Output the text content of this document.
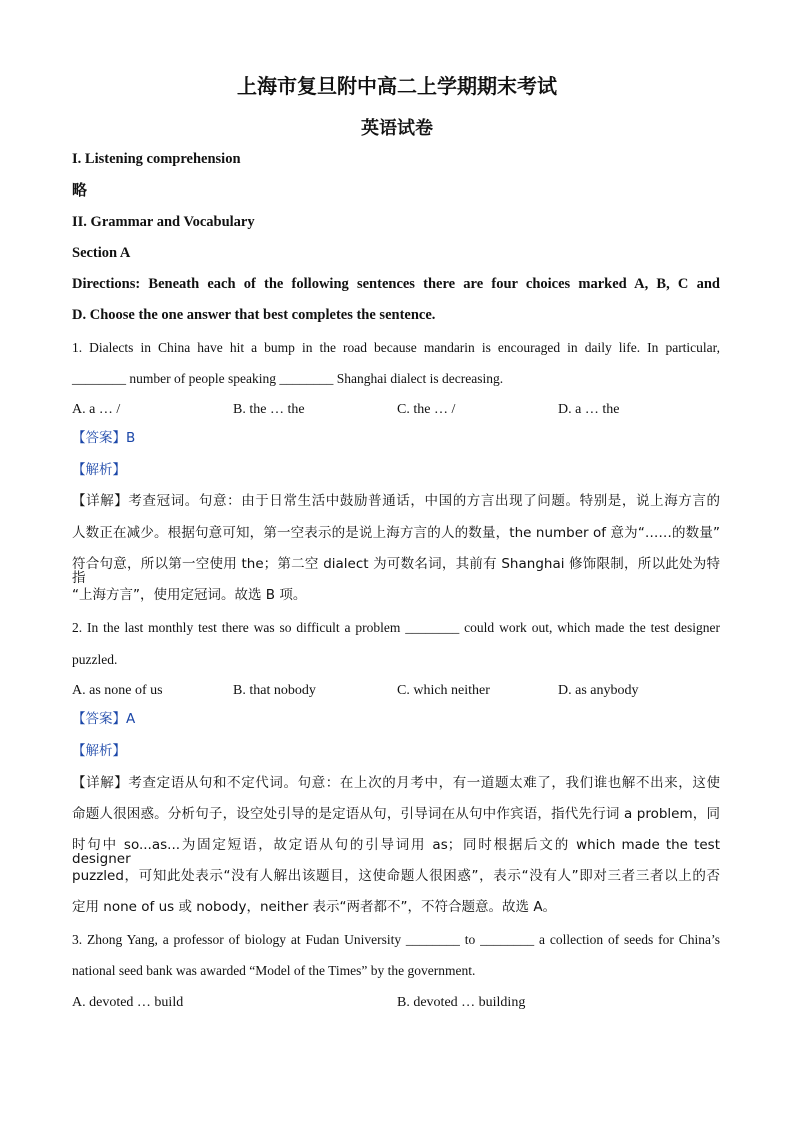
上海市复旦附中高二上学期期末考试
英语试卷
I. Listening comprehension
略
II. Grammar and Vocabulary
Section A
Directions: Beneath each of the following sentences there are four choices marked A, B, C and
D. Choose the one answer that best completes the sentence.
1. Dialects in China have hit a bump in the road because mandarin is encouraged in daily life. In particular,
________ number of people speaking ________ Shanghai dialect is decreasing.
A. a … /	B. the … the	C. the … /	D. a … the
【答案】B
【解析】
【详解】考查冠词。句意：由于日常生活中鼓励普通话，中国的方言出现了问题。特别是，说上海方言的
人数正在减少。根据句意可知，第一空表示的是说上海方言的人的数量，the number of 意为“……的数量”
符合句意，所以第一空使用 the；第二空 dialect 为可数名词，其前有 Shanghai 修饰限制，所以此处为特指
“上海方言”，使用定冠词。故选 B 项。
2. In the last monthly test there was so difficult a problem ________ could work out, which made the test designer
puzzled.
A. as none of us	B. that nobody	C. which neither	D. as anybody
【答案】A
【解析】
【详解】考查定语从句和不定代词。句意：在上次的月考中，有一道题太难了，我们谁也解不出来，这使
命题人很困惑。分析句子，设空处引导的是定语从句，引导词在从句中作宾语，指代先行词 a problem，同
时句中 so...as...为固定短语，故定语从句的引导词用 as；同时根据后文的 which made the test designer
puzzled，可知此处表示“没有人解出该题目，这使命题人很困惑”，表示“没有人”即对三者三者以上的否
定用 none of us 或 nobody，neither 表示“两者都不”，不符合题意。故选 A。
3. Zhong Yang, a professor of biology at Fudan University ________ to ________ a collection of seeds for China’s
national seed bank was awarded “Model of the Times” by the government.
A. devoted … build	B. devoted … building
